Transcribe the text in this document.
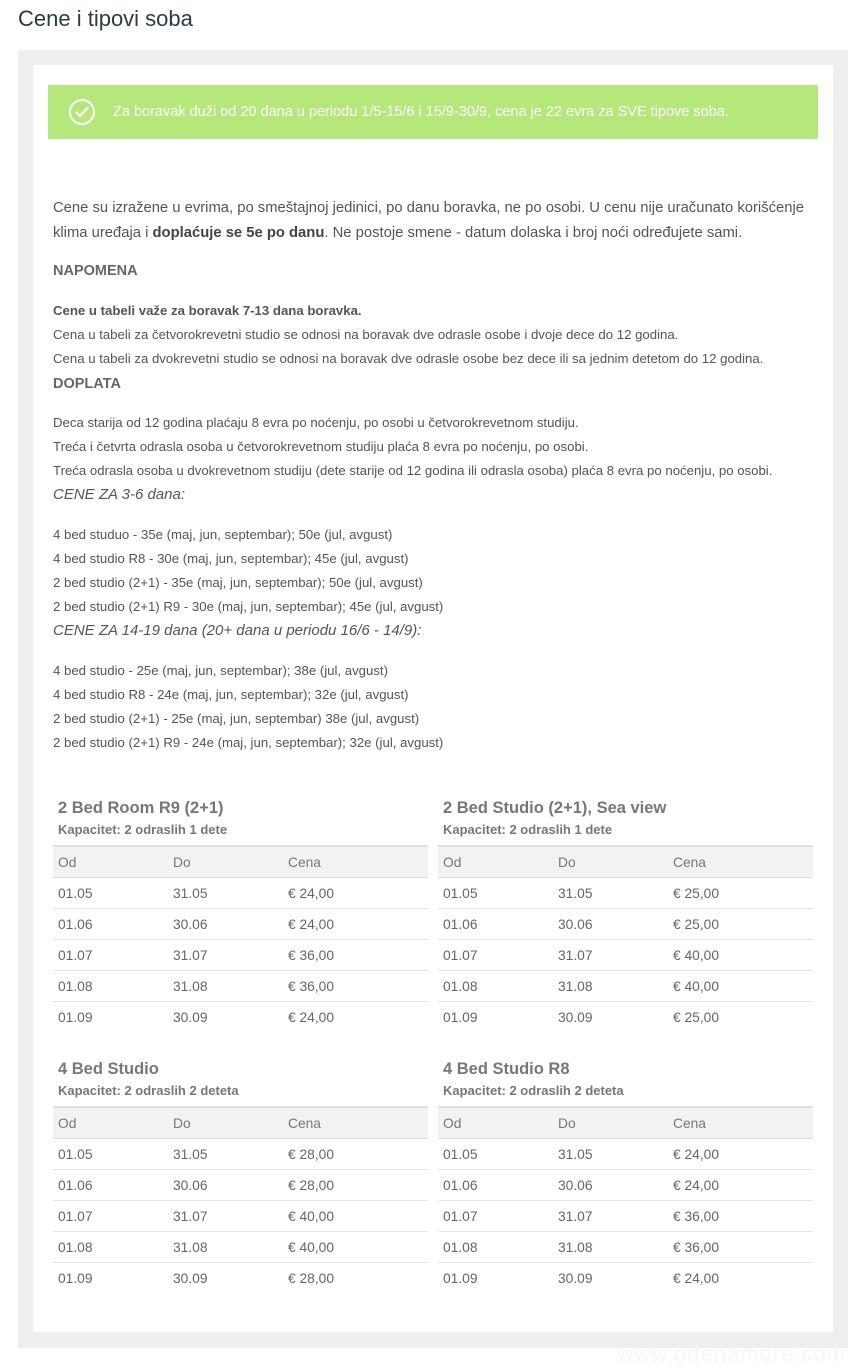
Cene i tipovi soba
Za boravak duži od 20 dana u periodu 1/5-15/6 i 15/9-30/9, cena je 22 evra za SVE tipove soba.
Cene su izražene u evrima, po smeštajnoj jedinici, po danu boravka, ne po osobi. U cenu nije uračunato korišćenje klima uređaja i doplaćuje se 5e po danu. Ne postoje smene - datum dolaska i broj noći određujete sami.
NAPOMENA
Cene u tabeli važe za boravak 7-13 dana boravka.
Cena u tabeli za četvorokrevetni studio se odnosi na boravak dve odrasle osobe i dvoje dece do 12 godina.
Cena u tabeli za dvokrevetni studio se odnosi na boravak dve odrasle osobe bez dece ili sa jednim detetom do 12 godina.
DOPLATA
Deca starija od 12 godina plaćaju 8 evra po noćenju, po osobi u četvorokrevetnom studiju.
Treća i četvrta odrasla osoba u četvorokrevetnom studiju plaća 8 evra po noćenju, po osobi.
Treća odrasla osoba u dvokrevetnom studiju (dete starije od 12 godina ili odrasla osoba) plaća 8 evra po noćenju, po osobi.
CENE ZA 3-6 dana:
4 bed studuo - 35e (maj, jun, septembar); 50e (jul, avgust)
4 bed studio R8 - 30e (maj, jun, septembar); 45e (jul, avgust)
2 bed studio (2+1) - 35e (maj, jun, septembar); 50e (jul, avgust)
2 bed studio (2+1) R9 - 30e (maj, jun, septembar); 45e (jul, avgust)
CENE ZA 14-19 dana (20+ dana u periodu 16/6 - 14/9):
4 bed studio - 25e (maj, jun, septembar); 38e (jul, avgust)
4 bed studio R8 - 24e (maj, jun, septembar); 32e (jul, avgust)
2 bed studio (2+1) - 25e (maj, jun, septembar) 38e (jul, avgust)
2 bed studio (2+1) R9 - 24e (maj, jun, septembar); 32e (jul, avgust)
2 Bed Room R9 (2+1)
Kapacitet: 2 odraslih 1 dete
Od	Do	Cena
01.05	31.05	€ 24,00
01.06	30.06	€ 24,00
01.07	31.07	€ 36,00
01.08	31.08	€ 36,00
01.09	30.09	€ 24,00
2 Bed Studio (2+1), Sea view
Kapacitet: 2 odraslih 1 dete
Od	Do	Cena
01.05	31.05	€ 25,00
01.06	30.06	€ 25,00
01.07	31.07	€ 40,00
01.08	31.08	€ 40,00
01.09	30.09	€ 25,00
4 Bed Studio
Kapacitet: 2 odraslih 2 deteta
Od	Do	Cena
01.05	31.05	€ 28,00
01.06	30.06	€ 28,00
01.07	31.07	€ 40,00
01.08	31.08	€ 40,00
01.09	30.09	€ 28,00
4 Bed Studio R8
Kapacitet: 2 odraslih 2 deteta
Od	Do	Cena
01.05	31.05	€ 24,00
01.06	30.06	€ 24,00
01.07	31.07	€ 36,00
01.08	31.08	€ 36,00
01.09	30.09	€ 24,00
www.gdenamore.com
